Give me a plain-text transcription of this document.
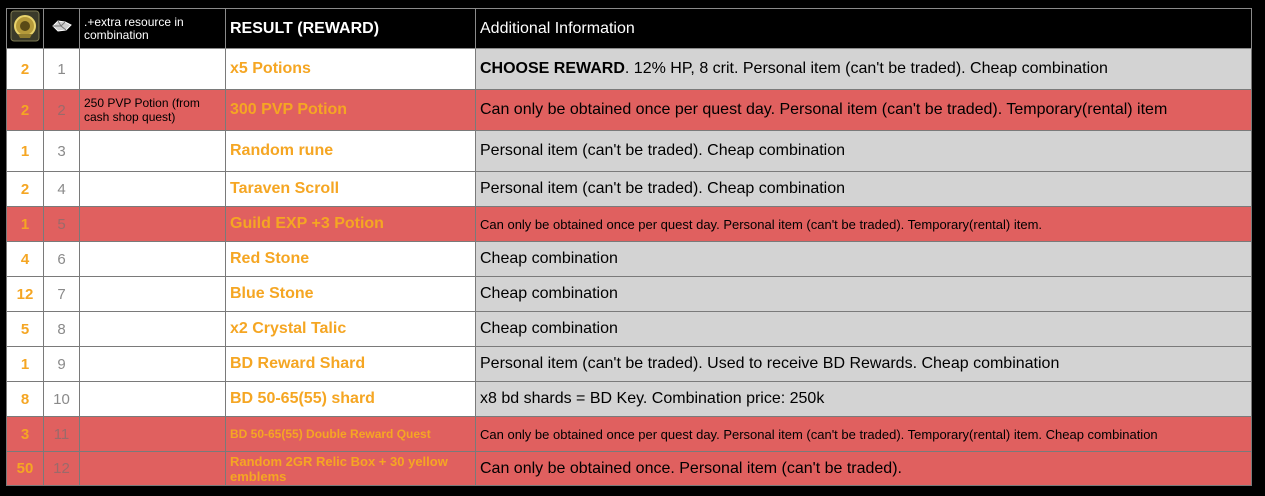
		.+extra resource in combination	RESULT (REWARD)	Additional Information
2	1		x5 Potions	CHOOSE REWARD. 12% HP, 8 crit. Personal item (can't be traded). Cheap combination
2	2	250 PVP Potion (from cash shop quest)	300 PVP Potion	Can only be obtained once per quest day. Personal item (can't be traded). Temporary(rental) item
1	3		Random rune	Personal item (can't be traded). Cheap combination
2	4		Taraven Scroll	Personal item (can't be traded). Cheap combination
1	5		Guild EXP +3 Potion	Can only be obtained once per quest day. Personal item (can't be traded). Temporary(rental) item.
4	6		Red Stone	Cheap combination
12	7		Blue Stone	Cheap combination
5	8		x2 Crystal Talic	Cheap combination
1	9		BD Reward Shard	Personal item (can't be traded). Used to receive BD Rewards. Cheap combination
8	10		BD 50-65(55) shard	x8 bd shards = BD Key. Combination price: 250k
3	11		BD 50-65(55) Double Reward Quest	Can only be obtained once per quest day. Personal item (can't be traded). Temporary(rental) item. Cheap combination
50	12		Random 2GR Relic Box + 30 yellow emblems	Can only be obtained once. Personal item (can't be traded).
